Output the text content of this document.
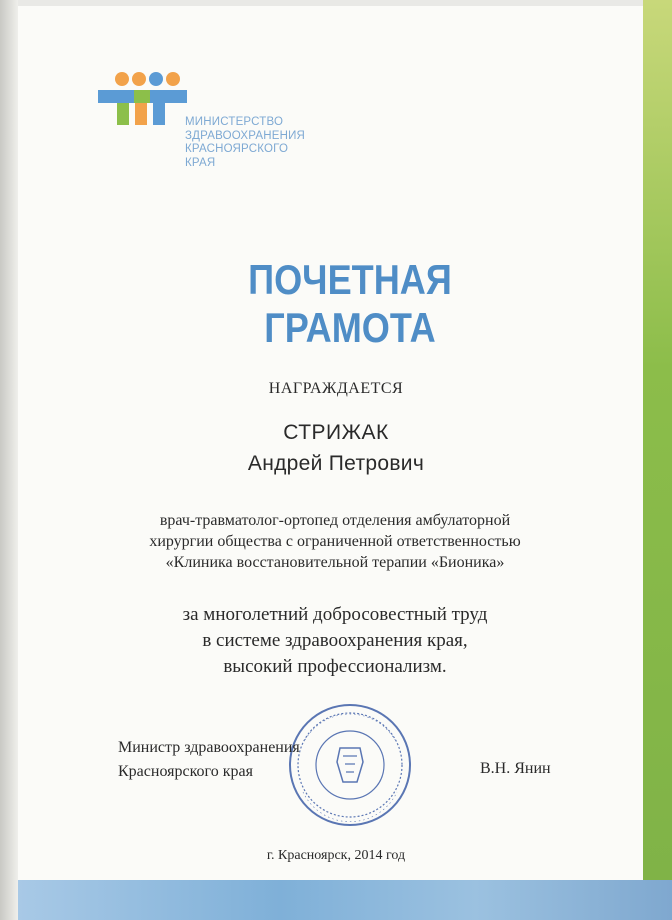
МИНИСТЕРСТВО
ЗДРАВООХРАНЕНИЯ
КРАСНОЯРСКОГО
КРАЯ
ПОЧЕТНАЯ
ГРАМОТА
НАГРАЖДАЕТСЯ
СТРИЖАК
Андрей Петрович
врач-травматолог-ортопед отделения амбулаторной
хирургии общества с ограниченной ответственностью
«Клиника восстановительной терапии «Бионика»
за многолетний добросовестный труд
в системе здравоохранения края,
высокий профессионализм.
Министр здравоохранения
Красноярского края	В.Н. Янин
г. Красноярск, 2014 год
